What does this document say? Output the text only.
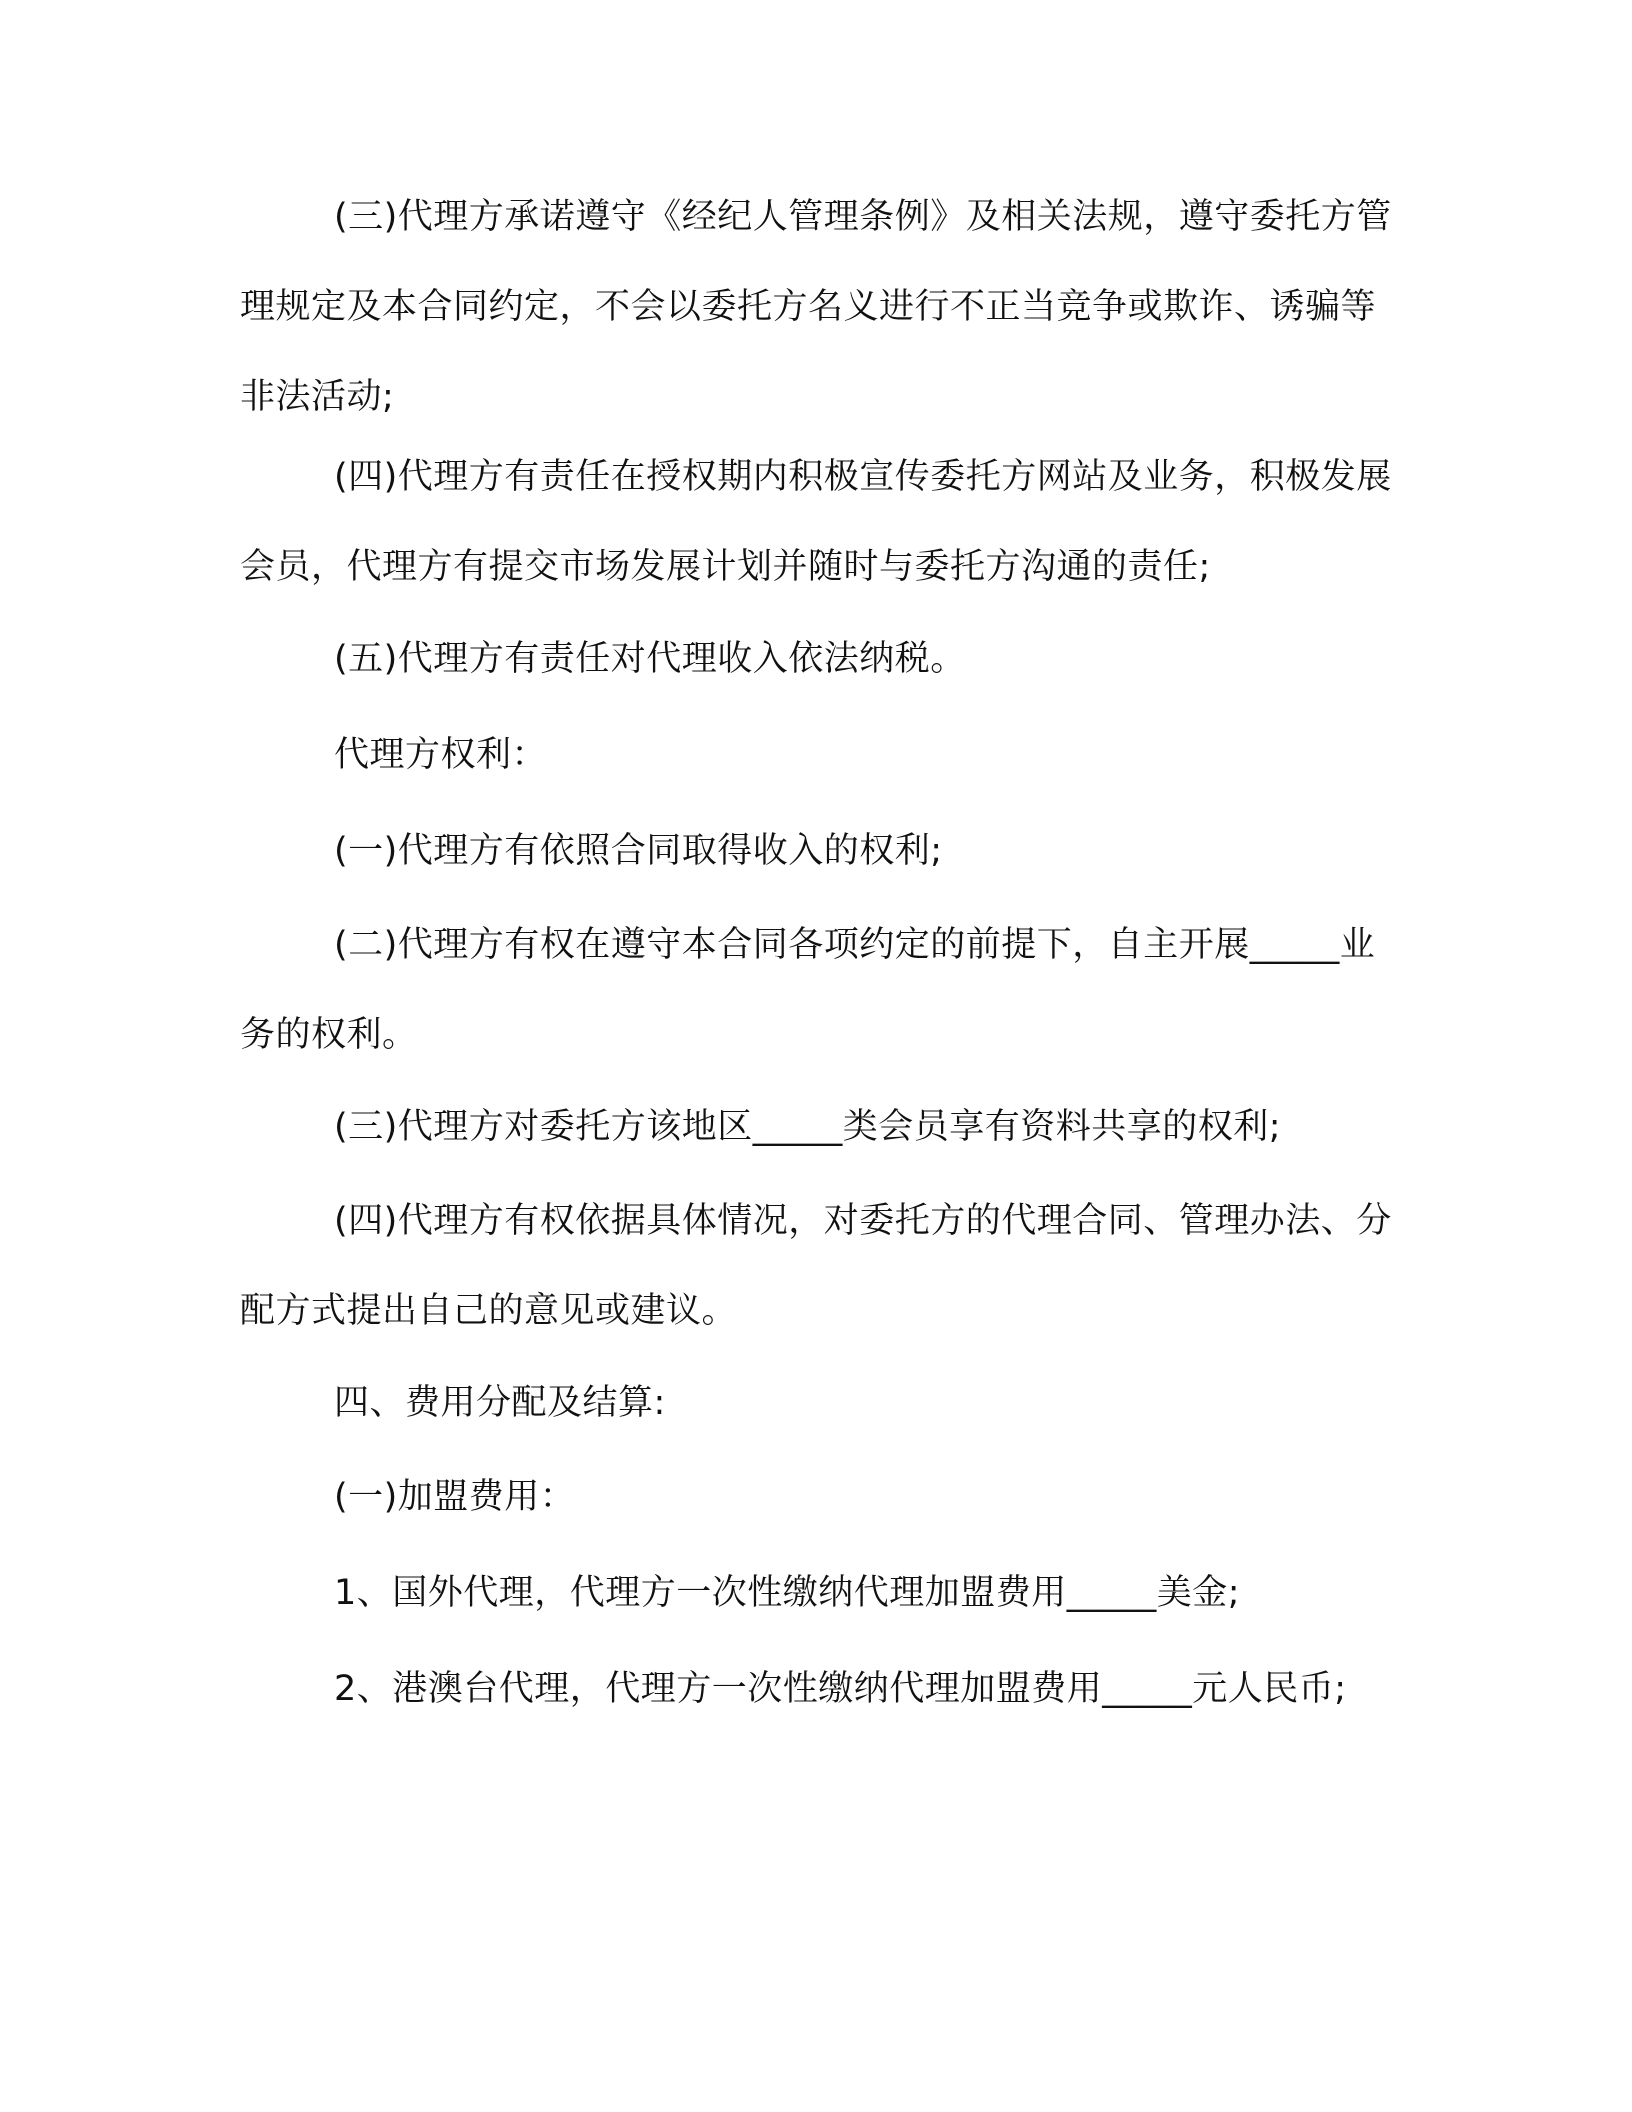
(三)代理方承诺遵守《经纪人管理条例》及相关法规，遵守委托方管理规定及本合同约定，不会以委托方名义进行不正当竞争或欺诈、诱骗等非法活动;

(四)代理方有责任在授权期内积极宣传委托方网站及业务，积极发展会员，代理方有提交市场发展计划并随时与委托方沟通的责任;

(五)代理方有责任对代理收入依法纳税。

代理方权利：

(一)代理方有依照合同取得收入的权利;

(二)代理方有权在遵守本合同各项约定的前提下，自主开展_____业务的权利。

(三)代理方对委托方该地区_____类会员享有资料共享的权利;

(四)代理方有权依据具体情况，对委托方的代理合同、管理办法、分配方式提出自己的意见或建议。

四、费用分配及结算:

(一)加盟费用：

1、国外代理，代理方一次性缴纳代理加盟费用_____美金;

2、港澳台代理，代理方一次性缴纳代理加盟费用_____元人民币;
